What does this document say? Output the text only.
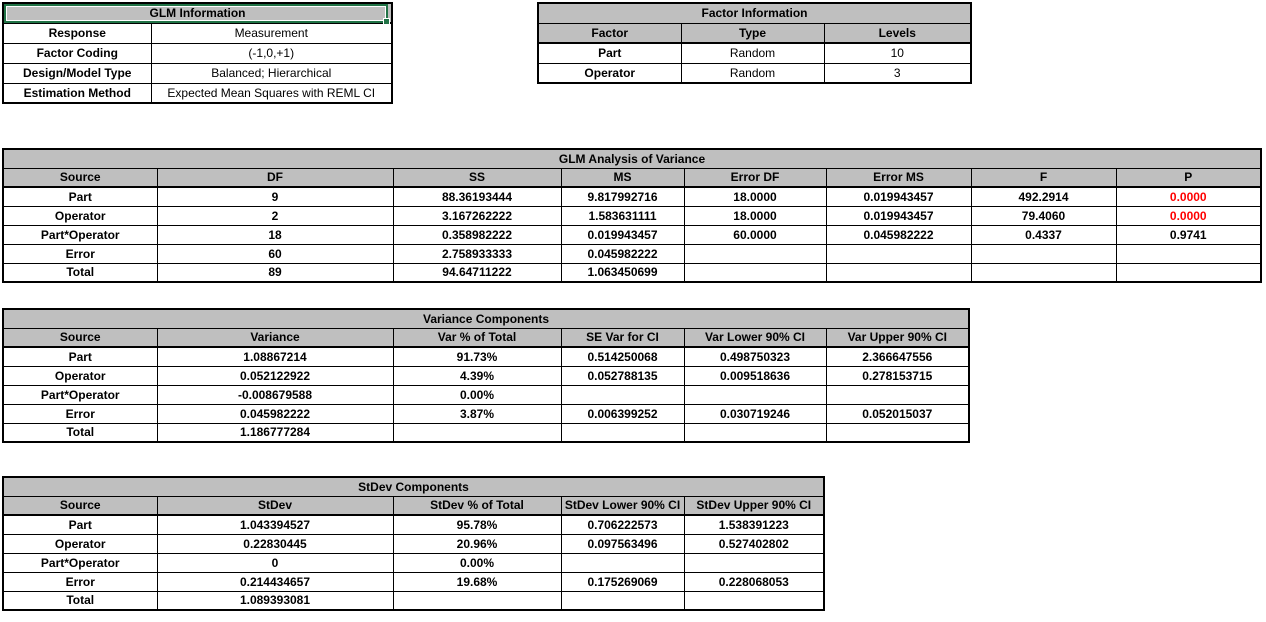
GLM Information	
Response	Measurement
Factor Coding	(-1,0,+1)
Design/Model Type	Balanced; Hierarchical
Estimation Method	Expected Mean Squares with REML CI
Factor Information		
Factor	Type	Levels
Part	Random	10
Operator	Random	3
GLM Analysis of Variance							
Source	DF	SS	MS	Error DF	Error MS	F	P
Part	9	88.36193444	9.817992716	18.0000	0.019943457	492.2914	0.0000
Operator	2	3.167262222	1.583631111	18.0000	0.019943457	79.4060	0.0000
Part*Operator	18	0.358982222	0.019943457	60.0000	0.045982222	0.4337	0.9741
Error	60	2.758933333	0.045982222				
Total	89	94.64711222	1.063450699				
Variance Components					
Source	Variance	Var % of Total	SE Var for CI	Var Lower 90% CI	Var Upper 90% CI
Part	1.08867214	91.73%	0.514250068	0.498750323	2.366647556
Operator	0.052122922	4.39%	0.052788135	0.009518636	0.278153715
Part*Operator	-0.008679588	0.00%			
Error	0.045982222	3.87%	0.006399252	0.030719246	0.052015037
Total	1.186777284				
StDev Components				
Source	StDev	StDev % of Total	StDev Lower 90% CI	StDev Upper 90% CI
Part	1.043394527	95.78%	0.706222573	1.538391223
Operator	0.22830445	20.96%	0.097563496	0.527402802
Part*Operator	0	0.00%		
Error	0.214434657	19.68%	0.175269069	0.228068053
Total	1.089393081			
